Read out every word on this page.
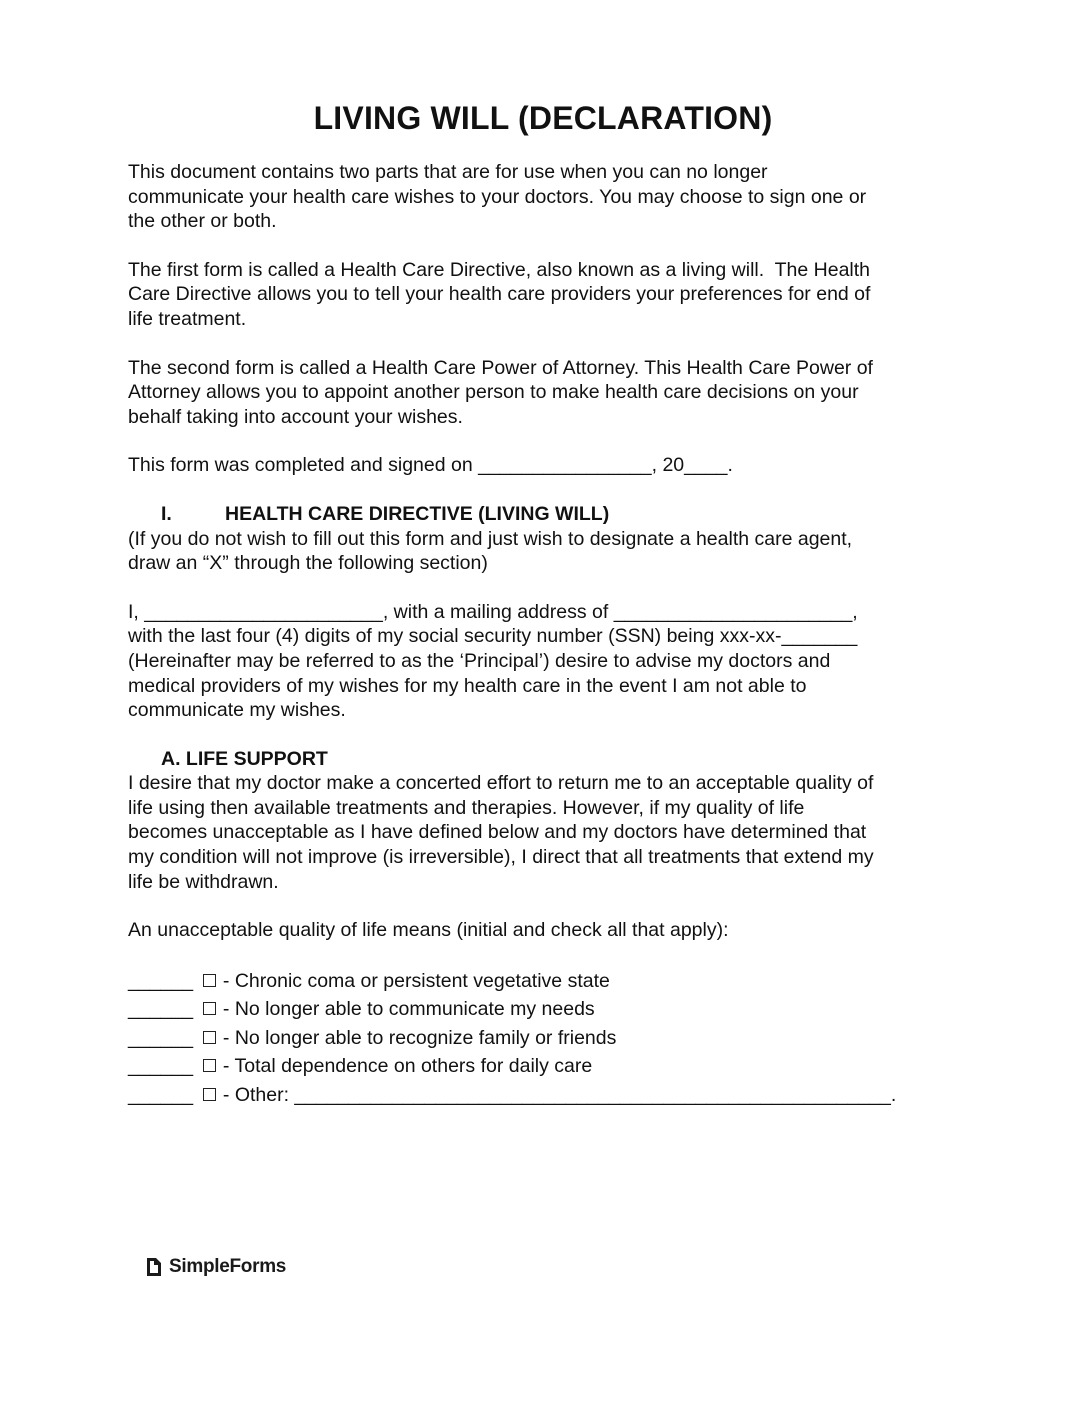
LIVING WILL (DECLARATION)

This document contains two parts that are for use when you can no longer
communicate your health care wishes to your doctors. You may choose to sign one or
the other or both.

The first form is called a Health Care Directive, also known as a living will.  The Health
Care Directive allows you to tell your health care providers your preferences for end of
life treatment.

The second form is called a Health Care Power of Attorney. This Health Care Power of
Attorney allows you to appoint another person to make health care decisions on your
behalf taking into account your wishes.

This form was completed and signed on ________________, 20____.

I.	HEALTH CARE DIRECTIVE (LIVING WILL)

(If you do not wish to fill out this form and just wish to designate a health care agent,
draw an “X” through the following section)

I, ______________________, with a mailing address of ______________________,
with the last four (4) digits of my social security number (SSN) being xxx-xx-_______
(Hereinafter may be referred to as the ‘Principal’) desire to advise my doctors and
medical providers of my wishes for my health care in the event I am not able to
communicate my wishes.

A. LIFE SUPPORT

I desire that my doctor make a concerted effort to return me to an acceptable quality of
life using then available treatments and therapies. However, if my quality of life
becomes unacceptable as I have defined below and my doctors have determined that
my condition will not improve (is irreversible), I direct that all treatments that extend my
life be withdrawn.

An unacceptable quality of life means (initial and check all that apply):

______  - Chronic coma or persistent vegetative state
______  - No longer able to communicate my needs
______  - No longer able to recognize family or friends
______  - Total dependence on others for daily care
______  - Other: _______________________________________________________.
SimpleForms
